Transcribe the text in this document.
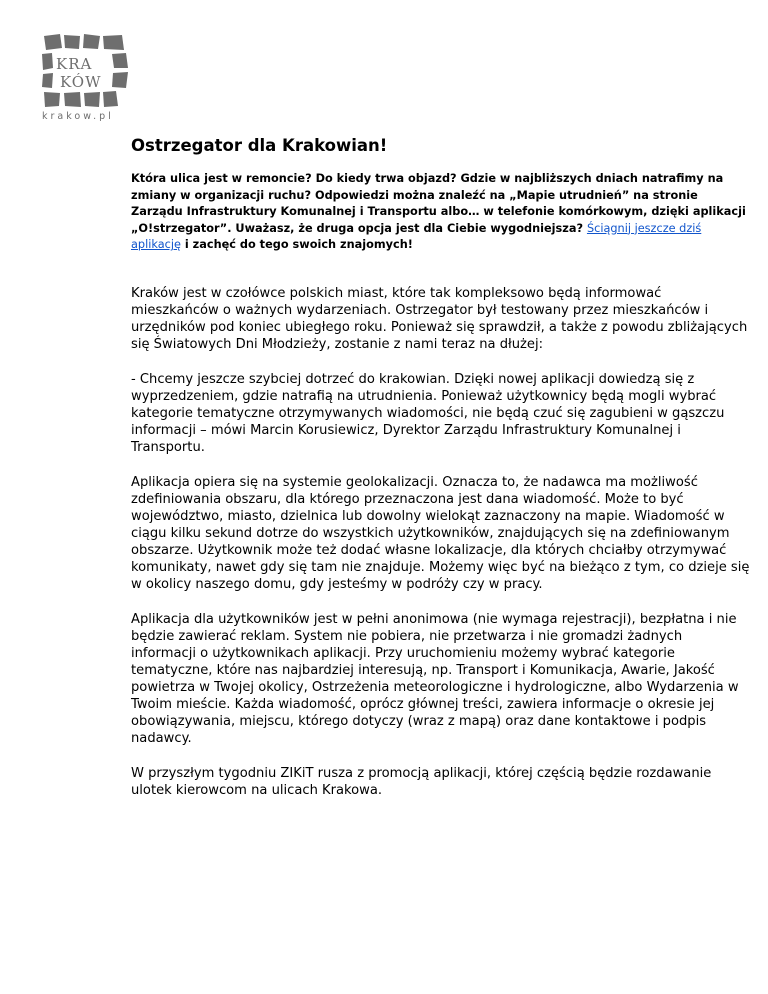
KRA
KÓW
krakow.pl
Ostrzegator dla Krakowian!

Która ulica jest w remoncie? Do kiedy trwa objazd? Gdzie w najbliższych dniach natrafimy na zmiany w organizacji ruchu? Odpowiedzi można znaleźć na „Mapie utrudnień” na stronie Zarządu Infrastruktury Komunalnej i Transportu albo… w telefonie komórkowym, dzięki aplikacji „O!strzegator”. Uważasz, że druga opcja jest dla Ciebie wygodniejsza? Ściągnij jeszcze dziś aplikację i zachęć do tego swoich znajomych!

Kraków jest w czołówce polskich miast, które tak kompleksowo będą informować mieszkańców o ważnych wydarzeniach. Ostrzegator był testowany przez mieszkańców i urzędników pod koniec ubiegłego roku. Ponieważ się sprawdził, a także z powodu zbliżających się Światowych Dni Młodzieży, zostanie z nami teraz na dłużej:

- Chcemy jeszcze szybciej dotrzeć do krakowian. Dzięki nowej aplikacji dowiedzą się z wyprzedzeniem, gdzie natrafią na utrudnienia. Ponieważ użytkownicy będą mogli wybrać kategorie tematyczne otrzymywanych wiadomości, nie będą czuć się zagubieni w gąszczu informacji – mówi Marcin Korusiewicz, Dyrektor Zarządu Infrastruktury Komunalnej i Transportu.

Aplikacja opiera się na systemie geolokalizacji. Oznacza to, że nadawca ma możliwość zdefiniowania obszaru, dla którego przeznaczona jest dana wiadomość. Może to być województwo, miasto, dzielnica lub dowolny wielokąt zaznaczony na mapie. Wiadomość w ciągu kilku sekund dotrze do wszystkich użytkowników, znajdujących się na zdefiniowanym obszarze. Użytkownik może też dodać własne lokalizacje, dla których chciałby otrzymywać komunikaty, nawet gdy się tam nie znajduje. Możemy więc być na bieżąco z tym, co dzieje się w okolicy naszego domu, gdy jesteśmy w podróży czy w pracy.

Aplikacja dla użytkowników jest w pełni anonimowa (nie wymaga rejestracji), bezpłatna i nie będzie zawierać reklam. System nie pobiera, nie przetwarza i nie gromadzi żadnych informacji o użytkownikach aplikacji. Przy uruchomieniu możemy wybrać kategorie tematyczne, które nas najbardziej interesują, np. Transport i Komunikacja, Awarie, Jakość powietrza w Twojej okolicy, Ostrzeżenia meteorologiczne i hydrologiczne, albo Wydarzenia w Twoim mieście. Każda wiadomość, oprócz głównej treści, zawiera informacje o okresie jej obowiązywania, miejscu, którego dotyczy (wraz z mapą) oraz dane kontaktowe i podpis nadawcy.

W przyszłym tygodniu ZIKiT rusza z promocją aplikacji, której częścią będzie rozdawanie ulotek kierowcom na ulicach Krakowa.
